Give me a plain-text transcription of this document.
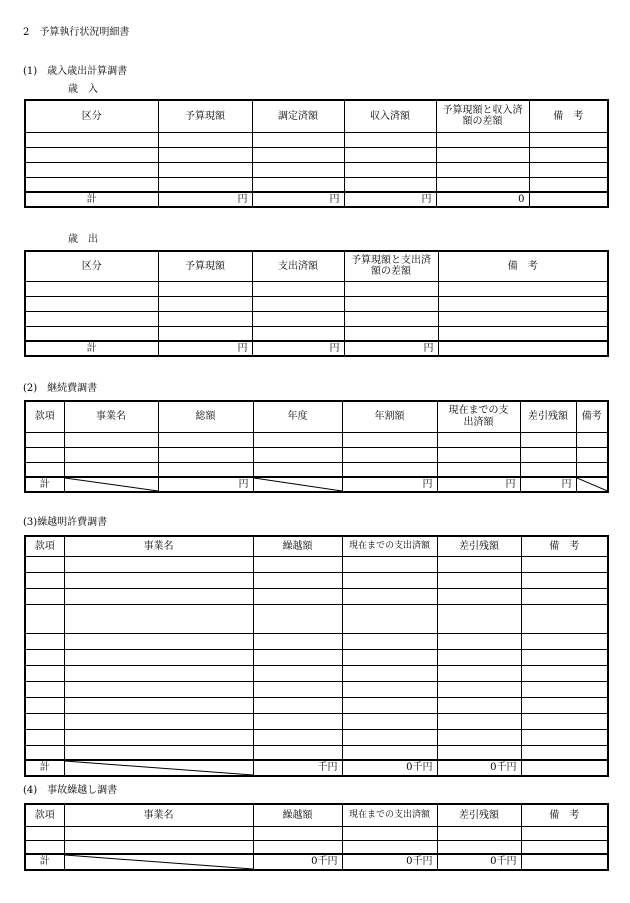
2　予算執行状況明細書
(1)　歳入歳出計算調書
歳　入
区分	予算現額	調定済額	収入済額	予算現額と収入済額の差額	備　考

計	円	円	円	0	
歳　出
区分	予算現額	支出済額	予算現額と支出済額の差額	備　考

計	円	円	円	
(2)　継続費調書
款項	事業名	総額	年度	年割額	現在までの支出済額	差引残額	備考

計		円		円	円	円	
(3)繰越明許費調書
款項	事業名	繰越額	現在までの支出済額	差引残額	備　考

計		千円	0千円	0千円	
(4)　事故繰越し調書
款項	事業名	繰越額	現在までの支出済額	差引残額	備　考

計		0千円	0千円	0千円	
